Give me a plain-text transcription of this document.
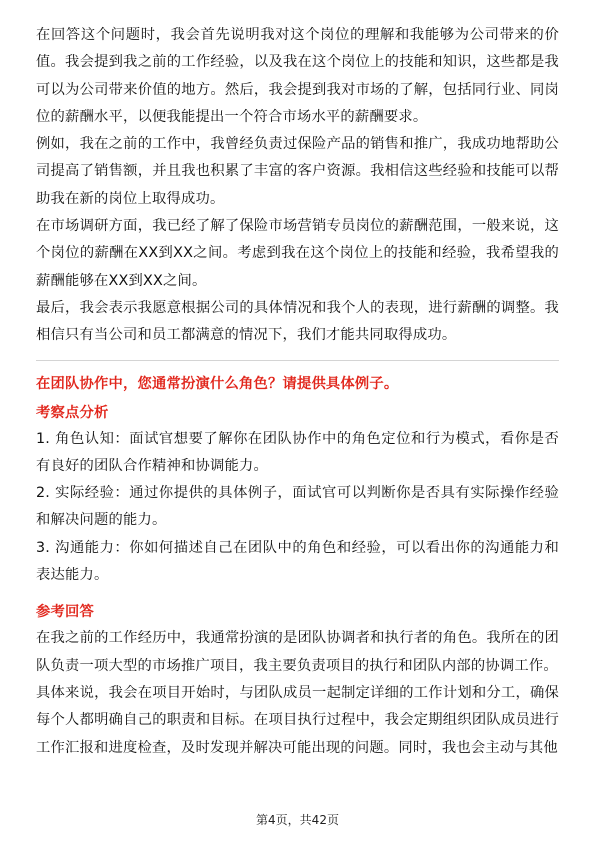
在回答这个问题时，我会首先说明我对这个岗位的理解和我能够为公司带来的价值。我会提到我之前的工作经验，以及我在这个岗位上的技能和知识，这些都是我可以为公司带来价值的地方。然后，我会提到我对市场的了解，包括同行业、同岗位的薪酬水平，以便我能提出一个符合市场水平的薪酬要求。

例如，我在之前的工作中，我曾经负责过保险产品的销售和推广，我成功地帮助公司提高了销售额，并且我也积累了丰富的客户资源。我相信这些经验和技能可以帮助我在新的岗位上取得成功。

在市场调研方面，我已经了解了保险市场营销专员岗位的薪酬范围，一般来说，这个岗位的薪酬在XX到XX之间。考虑到我在这个岗位上的技能和经验，我希望我的薪酬能够在XX到XX之间。

最后，我会表示我愿意根据公司的具体情况和我个人的表现，进行薪酬的调整。我相信只有当公司和员工都满意的情况下，我们才能共同取得成功。

在团队协作中，您通常扮演什么角色？请提供具体例子。
考察点分析

1. 角色认知：面试官想要了解你在团队协作中的角色定位和行为模式，看你是否有良好的团队合作精神和协调能力。

2. 实际经验：通过你提供的具体例子，面试官可以判断你是否具有实际操作经验和解决问题的能力。

3. 沟通能力：你如何描述自己在团队中的角色和经验，可以看出你的沟通能力和表达能力。

参考回答

在我之前的工作经历中，我通常扮演的是团队协调者和执行者的角色。我所在的团队负责一项大型的市场推广项目，我主要负责项目的执行和团队内部的协调工作。

具体来说，我会在项目开始时，与团队成员一起制定详细的工作计划和分工，确保每个人都明确自己的职责和目标。在项目执行过程中，我会定期组织团队成员进行工作汇报和进度检查，及时发现并解决可能出现的问题。同时，我也会主动与其他

第4页，共42页
